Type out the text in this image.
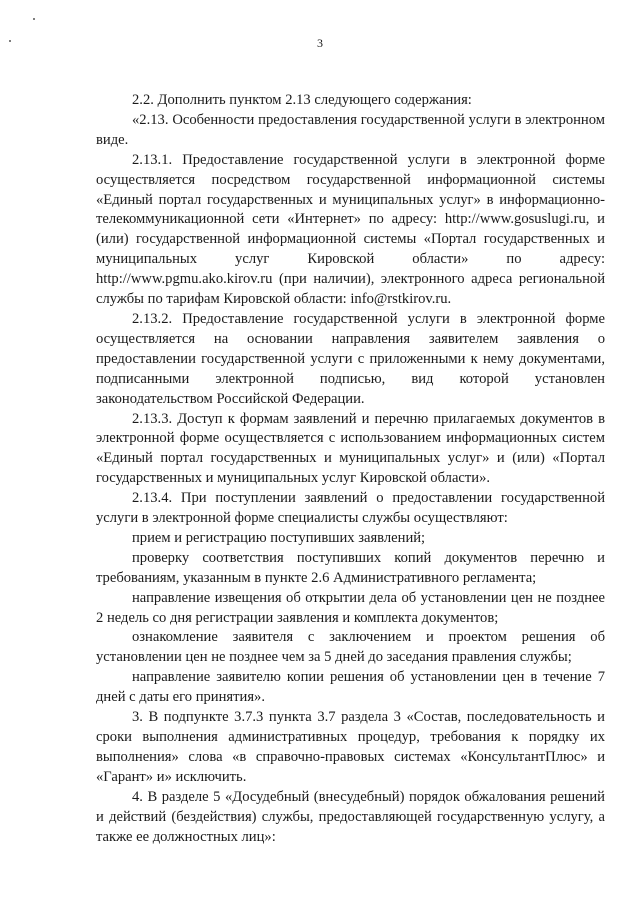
3

2.2. Дополнить пунктом 2.13 следующего содержания:

«2.13. Особенности предоставления государственной услуги в электронном виде.

2.13.1. Предоставление государственной услуги в электронной форме осуществляется посредством государственной информационной системы «Единый портал государственных и муниципальных услуг» в информационно-телекоммуникационной сети «Интернет» по адресу: http://www.gosuslugi.ru, и (или) государственной информационной системы «Портал государственных и муниципальных услуг Кировской области» по адресу: http://www.pgmu.ako.kirov.ru (при наличии), электронного адреса региональной службы по тарифам Кировской области: info@rstkirov.ru.

2.13.2. Предоставление государственной услуги в электронной форме осуществляется на основании направления заявителем заявления о предоставлении государственной услуги с приложенными к нему документами, подписанными электронной подписью, вид которой установлен законодательством Российской Федерации.

2.13.3. Доступ к формам заявлений и перечню прилагаемых документов в электронной форме осуществляется с использованием информационных систем «Единый портал государственных и муниципальных услуг» и (или) «Портал государственных и муниципальных услуг Кировской области».

2.13.4. При поступлении заявлений о предоставлении государственной услуги в электронной форме специалисты службы осуществляют:

прием и регистрацию поступивших заявлений;

проверку соответствия поступивших копий документов перечню и требованиям, указанным в пункте 2.6 Административного регламента;

направление извещения об открытии дела об установлении цен не позднее 2 недель со дня регистрации заявления и комплекта документов;

ознакомление заявителя с заключением и проектом решения об установлении цен не позднее чем за 5 дней до заседания правления службы;

направление заявителю копии решения об установлении цен в течение 7 дней с даты его принятия».

3. В подпункте 3.7.3 пункта 3.7 раздела 3 «Состав, последовательность и сроки выполнения административных процедур, требования к порядку их выполнения» слова «в справочно-правовых системах «КонсультантПлюс» и «Гарант» и» исключить.

4. В разделе 5 «Досудебный (внесудебный) порядок обжалования решений и действий (бездействия) службы, предоставляющей государственную услугу, а также ее должностных лиц»:
